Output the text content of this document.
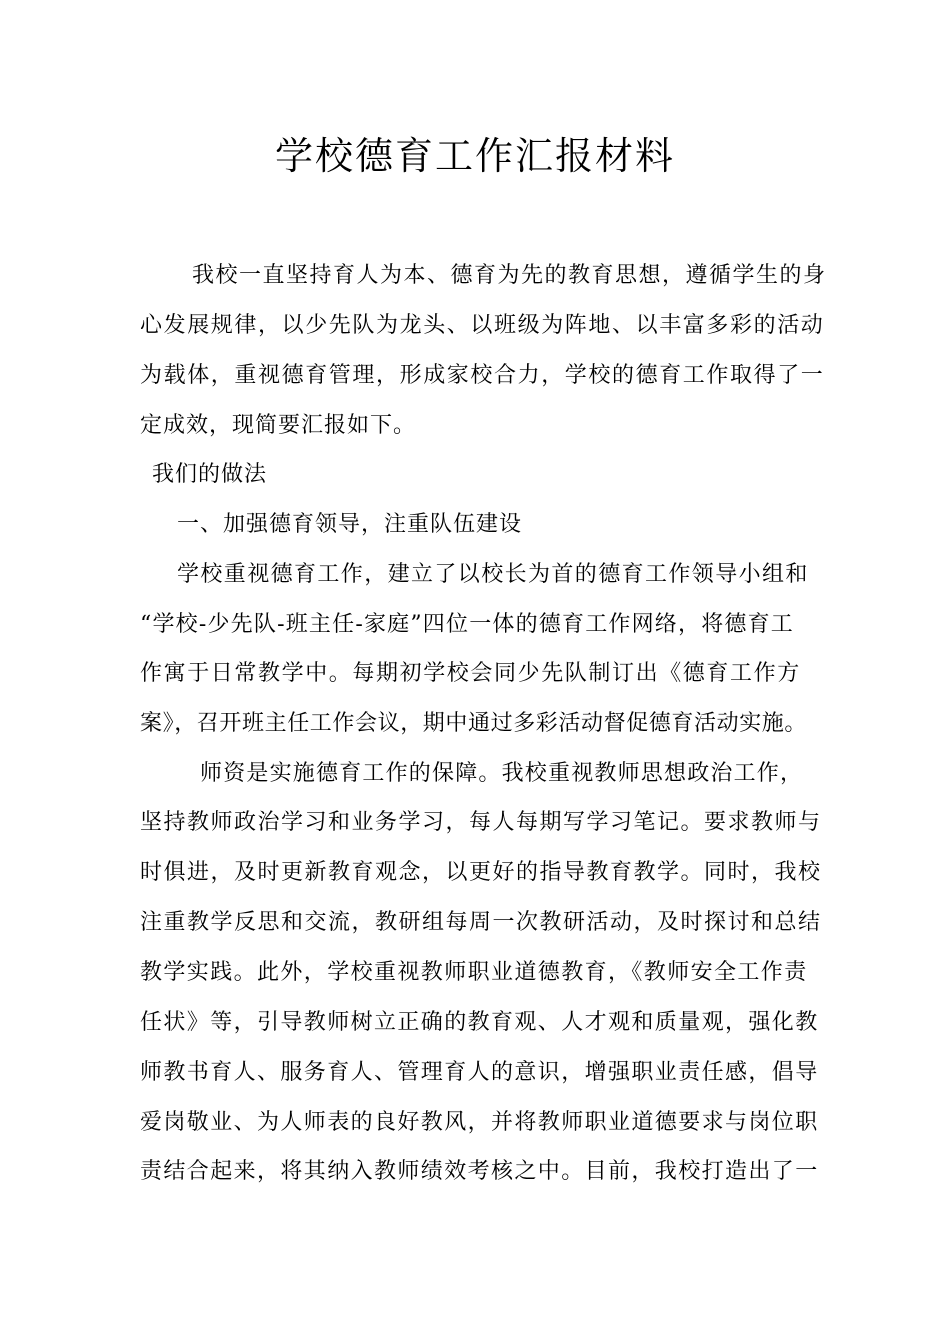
学校德育工作汇报材料
我校一直坚持育人为本、德育为先的教育思想，遵循学生的身
心发展规律，以少先队为龙头、以班级为阵地、以丰富多彩的活动
为载体，重视德育管理，形成家校合力，学校的德育工作取得了一
定成效，现简要汇报如下。
我们的做法
一、加强德育领导，注重队伍建设
学校重视德育工作，建立了以校长为首的德育工作领导小组和
“学校-少先队-班主任-家庭”四位一体的德育工作网络，将德育工
作寓于日常教学中。每期初学校会同少先队制订出《德育工作方
案》，召开班主任工作会议，期中通过多彩活动督促德育活动实施。
师资是实施德育工作的保障。我校重视教师思想政治工作，
坚持教师政治学习和业务学习，每人每期写学习笔记。要求教师与
时俱进，及时更新教育观念，以更好的指导教育教学。同时，我校
注重教学反思和交流，教研组每周一次教研活动，及时探讨和总结
教学实践。此外，学校重视教师职业道德教育，《教师安全工作责
任状》等，引导教师树立正确的教育观、人才观和质量观，强化教
师教书育人、服务育人、管理育人的意识，增强职业责任感，倡导
爱岗敬业、为人师表的良好教风，并将教师职业道德要求与岗位职
责结合起来，将其纳入教师绩效考核之中。目前，我校打造出了一
